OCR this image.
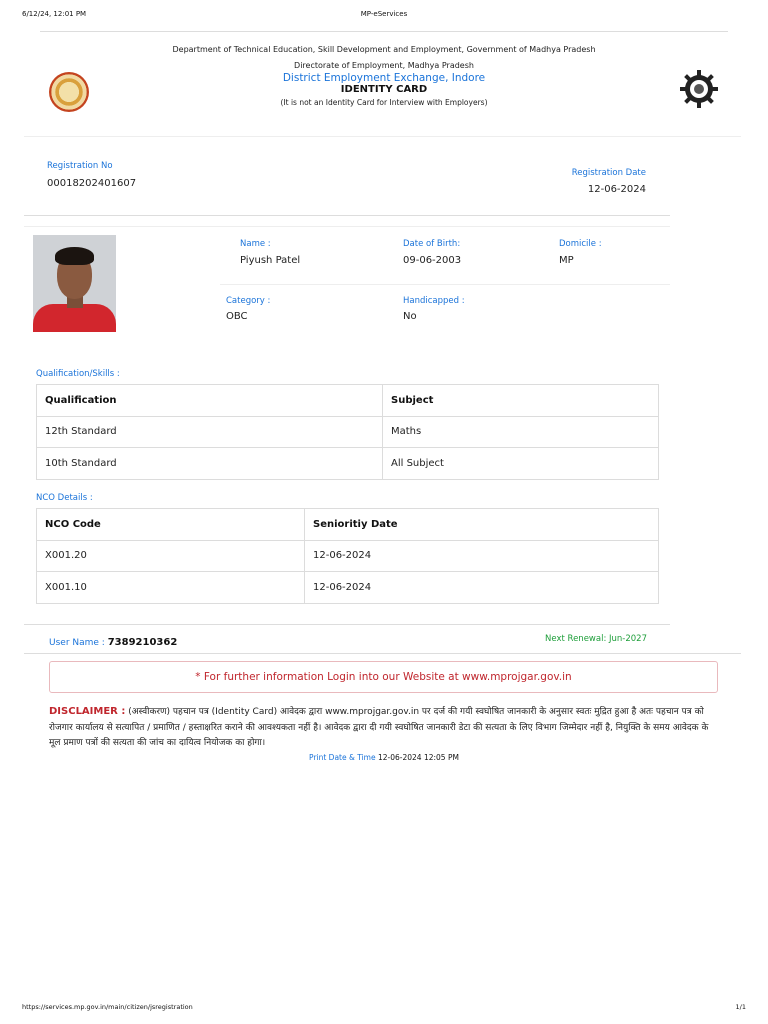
6/12/24, 12:01 PM	MP-eServices
Department of Technical Education, Skill Development and Employment, Government of Madhya Pradesh
Directorate of Employment, Madhya Pradesh
District Employment Exchange, Indore
IDENTITY CARD
(It is not an Identity Card for Interview with Employers)
Registration No
00018202401607
Registration Date
12-06-2024
Name :
Piyush Patel
Date of Birth:
09-06-2003
Domicile :
MP
Category :
OBC
Handicapped :
No
Qualification/Skills :
Qualification	Subject
12th Standard	Maths
10th Standard	All Subject
NCO Details :
NCO Code	Senioritiy Date
X001.20	12-06-2024
X001.10	12-06-2024
User Name : 7389210362	Next Renewal: Jun-2027
* For further information Login into our Website at www.mprojgar.gov.in
DISCLAIMER : (अस्वीकरण) पहचान पत्र (Identity Card) आवेदक द्वारा www.mprojgar.gov.in पर दर्ज की गयी स्वघोषित जानकारी के अनुसार स्वतः मुद्रित हुआ है अतः पहचान पत्र को रोजगार कार्यालय से सत्यापित / प्रमाणित / हस्ताक्षरित कराने की आवश्यकता नहीं है। आवेदक द्वारा दी गयी स्वघोषित जानकारी डेटा की सत्यता के लिए विभाग जिम्मेदार नहीं है, नियुक्ति के समय आवेदक के मूल प्रमाण पत्रों की सत्यता की जांच का दायित्व नियोजक का होगा।
Print Date & Time 12-06-2024 12:05 PM
https://services.mp.gov.in/main/citizen/jsregistration	1/1
